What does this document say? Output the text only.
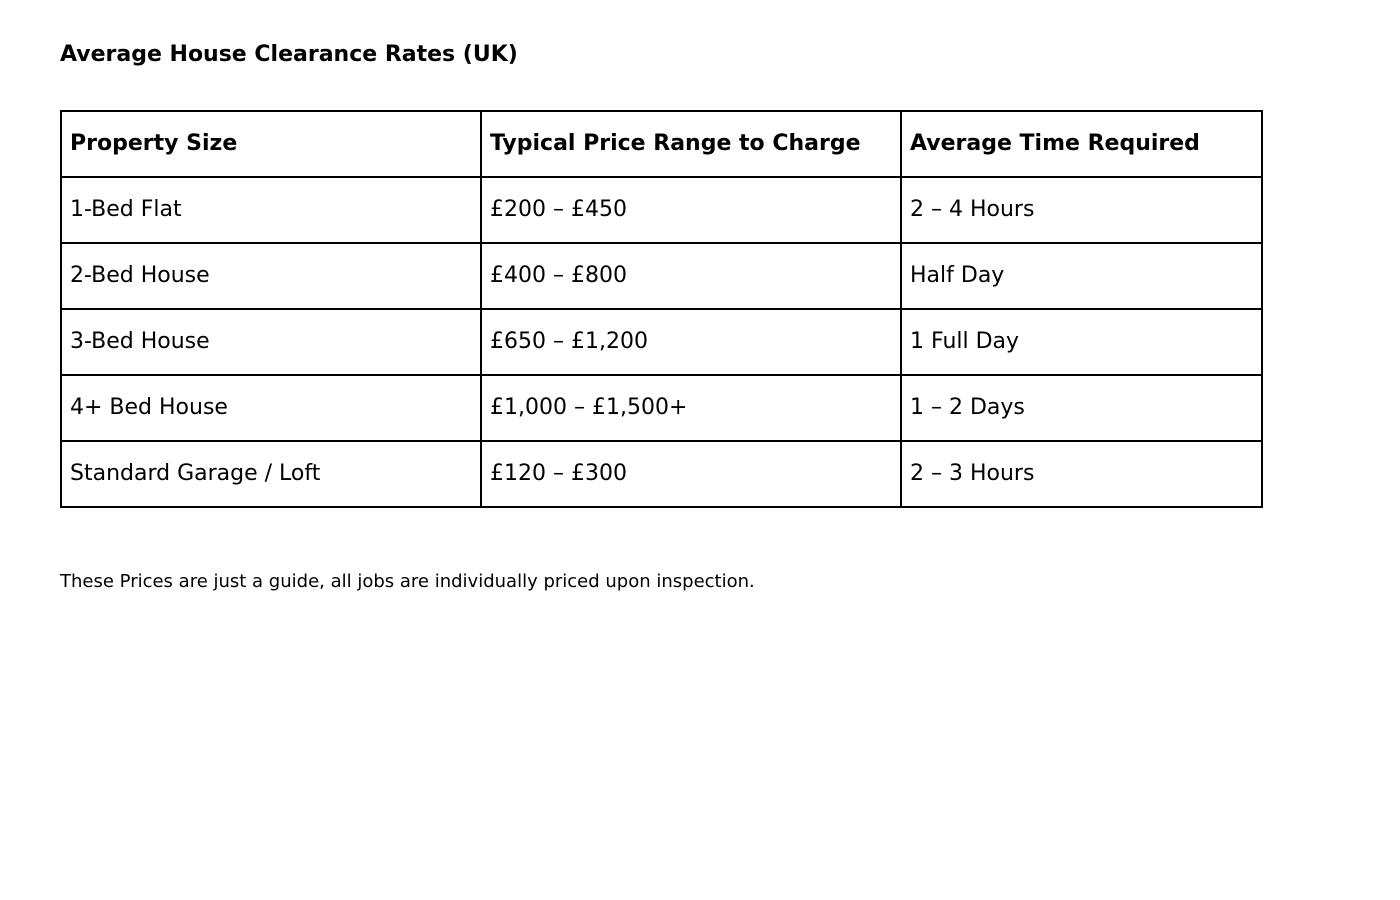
Average House Clearance Rates (UK)
Property Size	Typical Price Range to Charge	Average Time Required
1-Bed Flat	£200 – £450	2 – 4 Hours
2-Bed House	£400 – £800	Half Day
3-Bed House	£650 – £1,200	1 Full Day
4+ Bed House	£1,000 – £1,500+	1 – 2 Days
Standard Garage / Loft	£120 – £300	2 – 3 Hours

These Prices are just a guide, all jobs are individually priced upon inspection.
